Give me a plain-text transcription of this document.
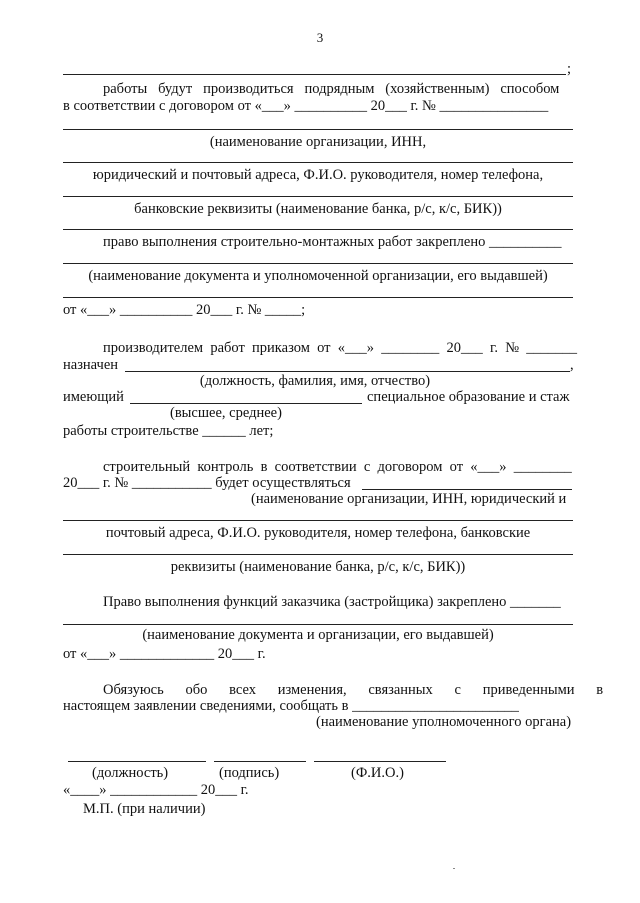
3
;
работы   будут   производиться   подрядным   (хозяйственным)   способом
в соответствии с договором от «___» __________ 20___ г. № _______________
(наименование организации, ИНН,
юридический и почтовый адреса, Ф.И.О. руководителя, номер телефона,
банковские реквизиты (наименование банка, р/с, к/с, БИК))
право выполнения строительно-монтажных работ закреплено __________
(наименование документа и уполномоченной организации, его выдавшей)
от «___» __________ 20___ г. № _____;
производителем  работ  приказом  от  «___»  ________  20___  г.  №  _______
назначен	,
(должность, фамилия, имя, отчество)
имеющий	специальное образование и стаж
(высшее, среднее)
работы строительстве ______ лет;
строительный  контроль  в  соответствии  с  договором  от  «___»  ________
20___ г. № ___________ будет осуществляться
(наименование организации, ИНН, юридический и
почтовый адреса, Ф.И.О. руководителя, номер телефона, банковские
реквизиты (наименование банка, р/с, к/с, БИК))
Право выполнения функций заказчика (застройщика) закреплено _______
(наименование документа и организации, его выдавшей)
от «___» _____________ 20___ г.
Обязуюсь      обо      всех      изменения,      связанных      с      приведенными      в
настоящем заявлении сведениями, сообщать в _______________________
(наименование уполномоченного органа)
(должность)	(подпись)	(Ф.И.О.)
«____» ____________ 20___ г.
М.П. (при наличии)
